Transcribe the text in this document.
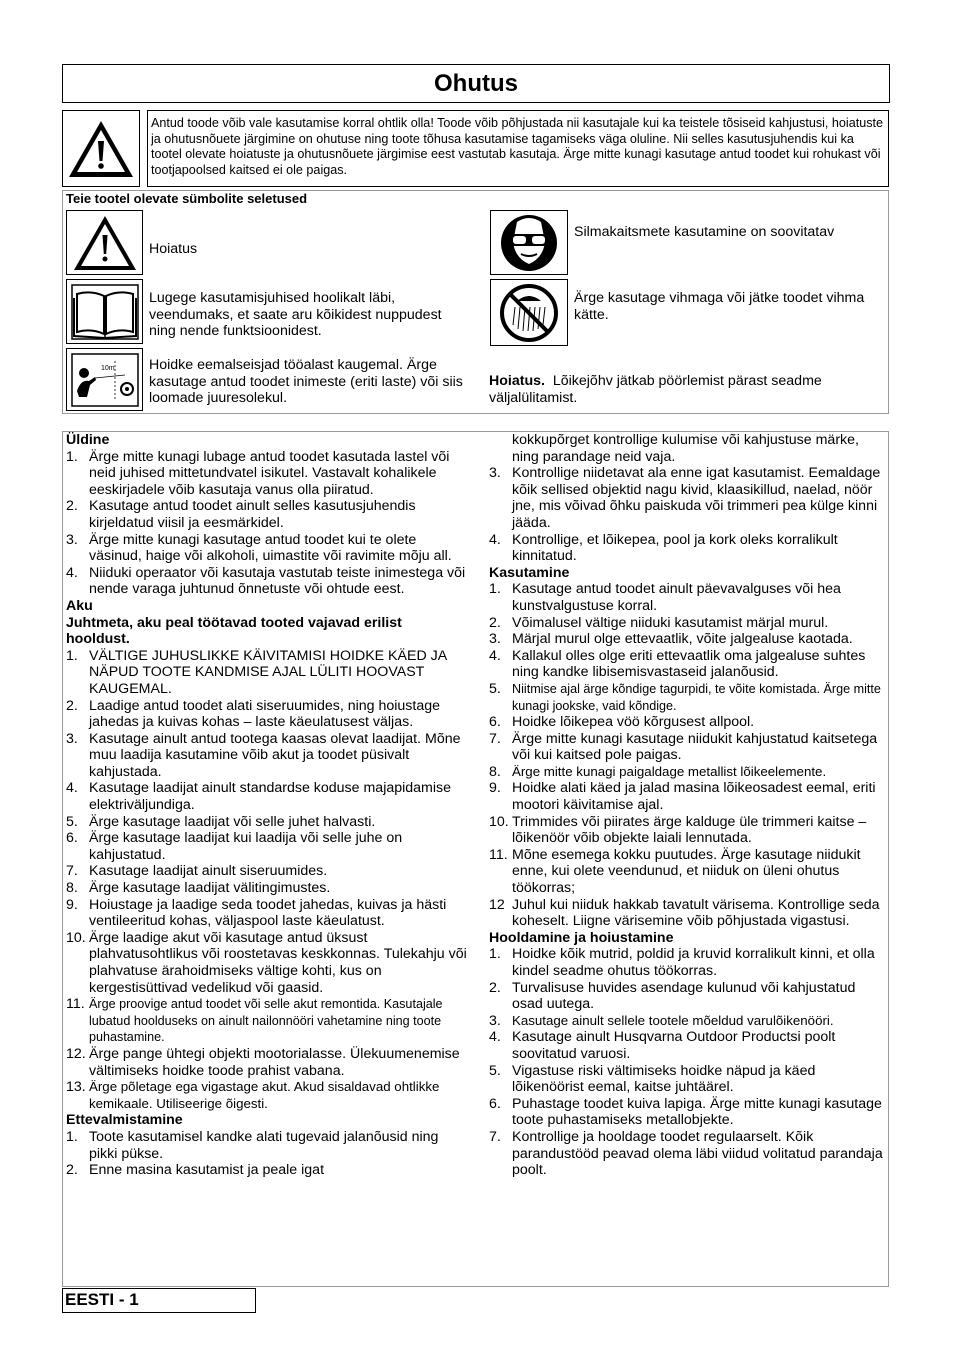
Ohutus
Antud toode võib vale kasutamise korral ohtlik olla! Toode võib põhjustada nii kasutajale kui ka teistele tõsiseid kahjustusi, hoiatuste ja ohutusnõuete järgimine on ohutuse ning toote tõhusa kasutamise tagamiseks väga oluline. Nii selles kasutusjuhendis kui ka tootel olevate hoiatuste ja ohutusnõuete järgimise eest vastutab kasutaja. Ärge mitte kunagi kasutage antud toodet kui rohukast või tootjapoolsed kaitsed ei ole paigas.
Teie tootel olevate sümbolite seletused
Hoiatus
Lugege kasutamisjuhised hoolikalt läbi, veendumaks, et saate aru kõikidest nuppudest ning nende funktsioonidest.
10m Hoidke eemalseisjad tööalast kaugemal. Ärge kasutage antud toodet inimeste (eriti laste) või siis loomade juuresolekul.
Silmakaitsmete kasutamine on soovitatav
Ärge kasutage vihmaga või jätke toodet vihma kätte.
Hoiatus. Lõikejõhv jätkab pöörlemist pärast seadme väljalülitamist.
Üldine
1. Ärge mitte kunagi lubage antud toodet kasutada lastel või neid juhised mittetundvatel isikutel. Vastavalt kohalikele eeskirjadele võib kasutaja vanus olla piiratud.
2. Kasutage antud toodet ainult selles kasutusjuhendis kirjeldatud viisil ja eesmärkidel.
3. Ärge mitte kunagi kasutage antud toodet kui te olete väsinud, haige või alkoholi, uimastite või ravimite mõju all.
4. Niiduki operaator või kasutaja vastutab teiste inimestega või nende varaga juhtunud õnnetuste või ohtude eest.
Aku
Juhtmeta, aku peal töötavad tooted vajavad erilist hooldust.
1. VÄLTIGE JUHUSLIKKE KÄIVITAMISI HOIDKE KÄED JA NÄPUD TOOTE KANDMISE AJAL LÜLITI HOOVAST KAUGEMAL.
2. Laadige antud toodet alati siseruumides, ning hoiustage jahedas ja kuivas kohas – laste käeulatusest väljas.
3. Kasutage ainult antud tootega kaasas olevat laadijat. Mõne muu laadija kasutamine võib akut ja toodet püsivalt kahjustada.
4. Kasutage laadijat ainult standardse koduse majapidamise elektriväljundiga.
5. Ärge kasutage laadijat või selle juhet halvasti.
6. Ärge kasutage laadijat kui laadija või selle juhe on kahjustatud.
7. Kasutage laadijat ainult siseruumides.
8. Ärge kasutage laadijat välitingimustes.
9. Hoiustage ja laadige seda toodet jahedas, kuivas ja hästi ventileeritud kohas, väljaspool laste käeulatust.
10. Ärge laadige akut või kasutage antud üksust plahvatusohtlikus või roostetavas keskkonnas. Tulekahju või plahvatuse ärahoidmiseks vältige kohti, kus on kergestisüttivad vedelikud või gaasid.
11. Ärge proovige antud toodet või selle akut remontida. Kasutajale lubatud hoolduseks on ainult nailonnööri vahetamine ning toote puhastamine.
12. Ärge pange ühtegi objekti mootorialasse. Ülekuumenemise vältimiseks hoidke toode prahist vabana.
13. Ärge põletage ega vigastage akut. Akud sisaldavad ohtlikke kemikaale. Utiliseerige õigesti.
Ettevalmistamine
1. Toote kasutamisel kandke alati tugevaid jalanõusid ning pikki pükse.
2. Enne masina kasutamist ja peale igat
kokkupõrget kontrollige kulumise või kahjustuse märke, ning parandage neid vaja.
3. Kontrollige niidetavat ala enne igat kasutamist. Eemaldage kõik sellised objektid nagu kivid, klaasikillud, naelad, nöör jne, mis võivad õhku paiskuda või trimmeri pea külge kinni jääda.
4. Kontrollige, et lõikepea, pool ja kork oleks korralikult kinnitatud.
Kasutamine
1. Kasutage antud toodet ainult päevavalguses või hea kunstvalgustuse korral.
2. Võimalusel vältige niiduki kasutamist märjal murul.
3. Märjal murul olge ettevaatlik, võite jalgealuse kaotada.
4. Kallakul olles olge eriti ettevaatlik oma jalgealuse suhtes ning kandke libisemisvastaseid jalanõusid.
5. Niitmise ajal ärge kõndige tagurpidi, te võite komistada. Ärge mitte kunagi jookske, vaid kõndige.
6. Hoidke lõikepea vöö kõrgusest allpool.
7. Ärge mitte kunagi kasutage niidukit kahjustatud kaitsetega või kui kaitsed pole paigas.
8. Ärge mitte kunagi paigaldage metallist lõikeelemente.
9. Hoidke alati käed ja jalad masina lõikeosadest eemal, eriti mootori käivitamise ajal.
10. Trimmides või piirates ärge kalduge üle trimmeri kaitse – lõikenöör võib objekte laiali lennutada.
11. Mõne esemega kokku puutudes. Ärge kasutage niidukit enne, kui olete veendunud, et niiduk on üleni ohutus töökorras;
12 Juhul kui niiduk hakkab tavatult värisema. Kontrollige seda koheselt. Liigne värisemine võib põhjustada vigastusi.
Hooldamine ja hoiustamine
1. Hoidke kõik mutrid, poldid ja kruvid korralikult kinni, et olla kindel seadme ohutus töökorras.
2. Turvalisuse huvides asendage kulunud või kahjustatud osad uutega.
3. Kasutage ainult sellele tootele mõeldud varulõikenööri.
4. Kasutage ainult Husqvarna Outdoor Productsi poolt soovitatud varuosi.
5. Vigastuse riski vältimiseks hoidke näpud ja käed lõikenöörist eemal, kaitse juhtäärel.
6. Puhastage toodet kuiva lapiga. Ärge mitte kunagi kasutage toote puhastamiseks metallobjekte.
7. Kontrollige ja hooldage toodet regulaarselt. Kõik parandustööd peavad olema läbi viidud volitatud parandaja poolt.
EESTI - 1
